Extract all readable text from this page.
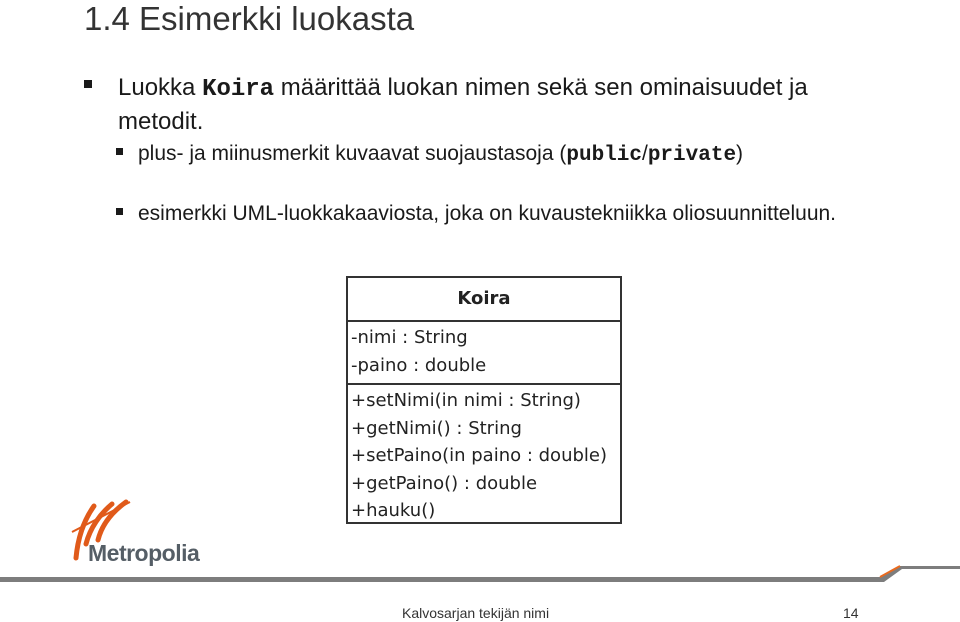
1.4 Esimerkki luokasta
Luokka Koira määrittää luokan nimen sekä sen ominaisuudet ja metodit.
plus- ja miinusmerkit kuvaavat suojaustasoja (public/private)
esimerkki UML-luokkakaaviosta, joka on kuvaustekniikka oliosuunnitteluun.
Koira
-nimi : String
-paino : double
+setNimi(in nimi : String)
+getNimi() : String
+setPaino(in paino : double)
+getPaino() : double
+hauku()
Metropolia
Kalvosarjan tekijän nimi	14
